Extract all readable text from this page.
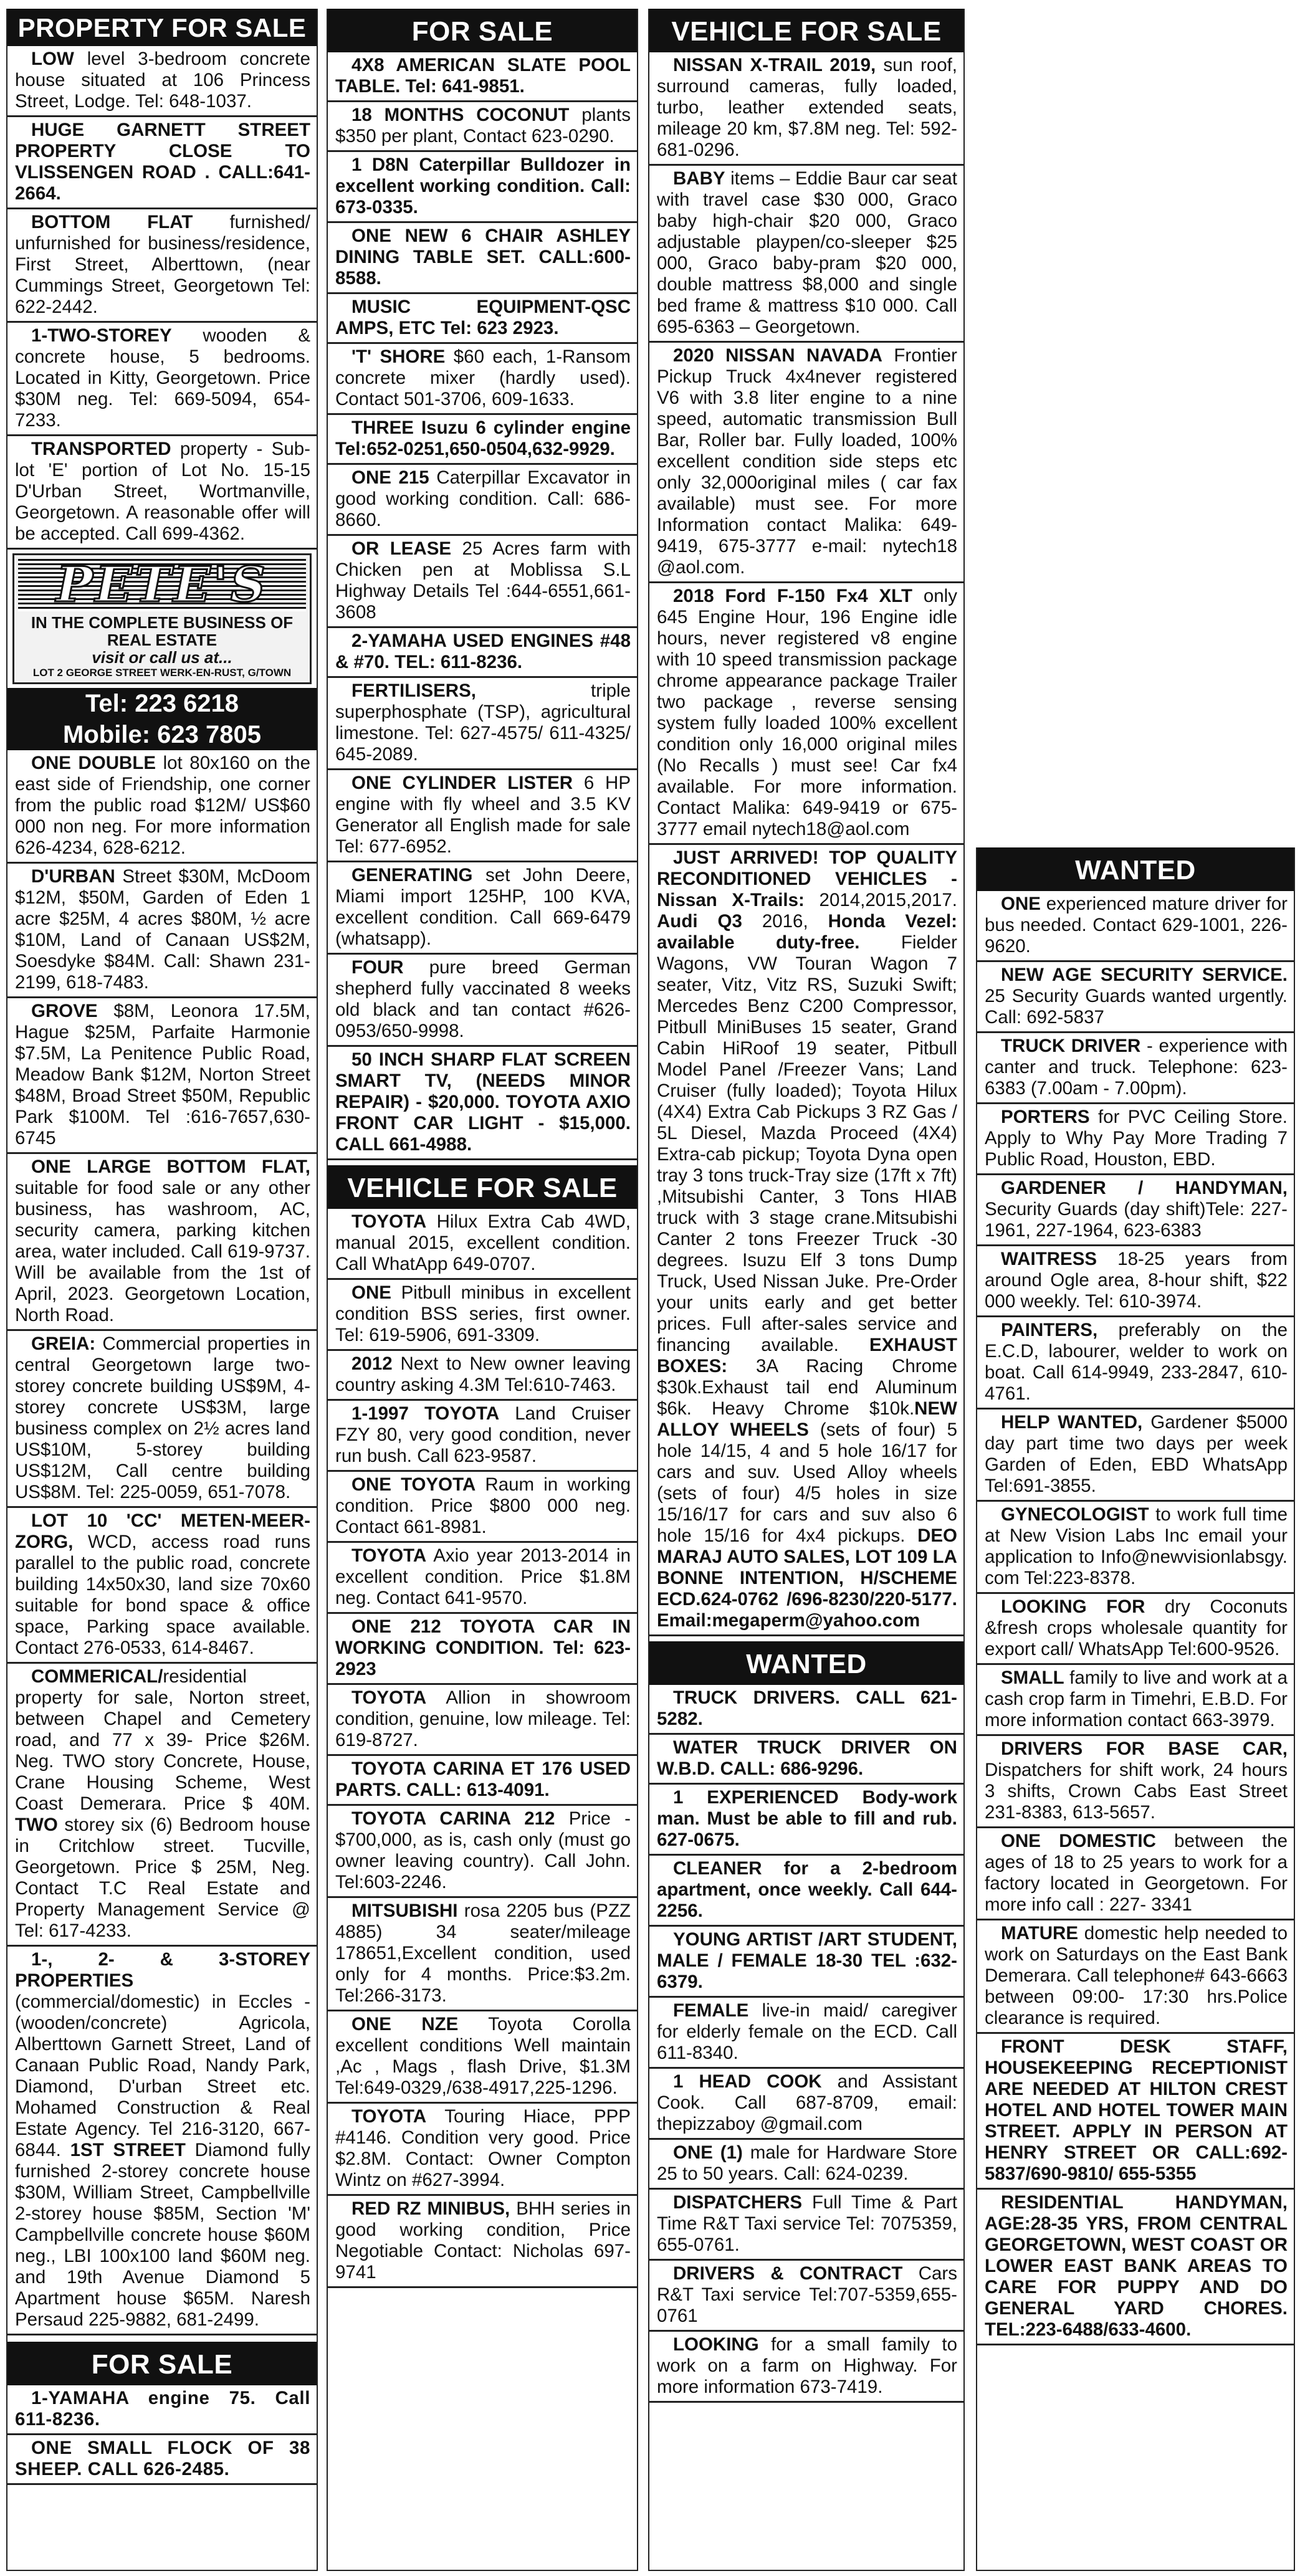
PROPERTY FOR SALE
LOW level 3-bedroom concrete house situated at 106 Princess Street, Lodge. Tel: 648-1037.
HUGE GARNETT STREET PROPERTY CLOSE TO VLISSENGEN ROAD . CALL:641-2664.
BOTTOM FLAT furnished/ unfurnished for business/residence, First Street, Alberttown, (near Cummings Street, Georgetown Tel: 622-2442.
1-TWO-STOREY wooden & concrete house, 5 bedrooms. Located in Kitty, Georgetown. Price $30M neg. Tel: 669-5094, 654-7233.
TRANSPORTED property - Sub-lot 'E' portion of Lot No. 15-15 D'Urban Street, Wortmanville, Georgetown. A reasonable offer will be accepted. Call 699-4362.
PETE'S
IN THE COMPLETE BUSINESS OF REAL ESTATE
visit or call us at...
LOT 2 GEORGE STREET WERK-EN-RUST, G/TOWN
Tel: 223 6218
Mobile: 623 7805
ONE DOUBLE lot 80x160 on the east side of Friendship, one corner from the public road $12M/ US$60 000 non neg. For more information 626-4234, 628-6212.
D'URBAN Street $30M, McDoom $12M, $50M, Garden of Eden 1 acre $25M, 4 acres $80M, ½ acre $10M, Land of Canaan US$2M, Soesdyke $84M. Call: Shawn 231-2199, 618-7483.
GROVE $8M, Leonora 17.5M, Hague $25M, Parfaite Harmonie $7.5M, La Penitence Public Road, Meadow Bank $12M, Norton Street $48M, Broad Street $50M, Republic Park $100M. Tel :616-7657,630-6745
ONE LARGE BOTTOM FLAT, suitable for food sale or any other business, has washroom, AC, security camera, parking kitchen area, water included. Call 619-9737. Will be available from the 1st of April, 2023. Georgetown Location, North Road.
GREIA: Commercial properties in central Georgetown large two-storey concrete building US$9M, 4-storey concrete US$3M, large business complex on 2½ acres land US$10M, 5-storey building US$12M, Call centre building US$8M. Tel: 225-0059, 651-7078.
LOT 10 'CC' METEN-MEER-ZORG, WCD, access road runs parallel to the public road, concrete building 14x50x30, land size 70x60 suitable for bond space & office space, Parking space available. Contact 276-0533, 614-8467.
COMMERICAL/residential property for sale, Norton street, between Chapel and Cemetery road, and 77 x 39- Price $26M. Neg. TWO story Concrete, House, Crane Housing Scheme, West Coast Demerara. Price $ 40M. TWO storey six (6) Bedroom house in Critchlow street. Tucville, Georgetown. Price $ 25M, Neg. Contact T.C Real Estate and Property Management Service @ Tel: 617-4233.
1-, 2- & 3-STOREY PROPERTIES (commercial/domestic) in Eccles - (wooden/concrete) Agricola, Alberttown Garnett Street, Land of Canaan Public Road, Nandy Park, Diamond, D'urban Street etc. Mohamed Construction & Real Estate Agency. Tel 216-3120, 667-6844. 1ST STREET Diamond fully furnished 2-storey concrete house $30M, William Street, Campbellville 2-storey house $85M, Section 'M' Campbellville concrete house $60M neg., LBI 100x100 land $60M neg. and 19th Avenue Diamond 5 Apartment house $65M. Naresh Persaud 225-9882, 681-2499.
FOR SALE
1-YAMAHA engine 75. Call 611-8236.
ONE SMALL FLOCK OF 38 SHEEP. CALL 626-2485.
FOR SALE
4X8 AMERICAN SLATE POOL TABLE. Tel: 641-9851.
18 MONTHS COCONUT plants $350 per plant, Contact 623-0290.
1 D8N Caterpillar Bulldozer in excellent working condition. Call: 673-0335.
ONE NEW 6 CHAIR ASHLEY DINING TABLE SET. CALL:600-8588.
MUSIC EQUIPMENT-QSC AMPS, ETC Tel: 623 2923.
'T' SHORE $60 each, 1-Ransom concrete mixer (hardly used). Contact 501-3706, 609-1633.
THREE Isuzu 6 cylinder engine Tel:652-0251,650-0504,632-9929.
ONE 215 Caterpillar Excavator in good working condition. Call: 686-8660.
OR LEASE 25 Acres farm with Chicken pen at Moblissa S.L Highway Details Tel :644-6551,661-3608
2-YAMAHA USED ENGINES #48 & #70. TEL: 611-8236.
FERTILISERS, triple superphosphate (TSP), agricultural limestone. Tel: 627-4575/ 611-4325/ 645-2089.
ONE CYLINDER LISTER 6 HP engine with fly wheel and 3.5 KV Generator all English made for sale Tel: 677-6952.
GENERATING set John Deere, Miami import 125HP, 100 KVA, excellent condition. Call 669-6479 (whatsapp).
FOUR pure breed German shepherd fully vaccinated 8 weeks old black and tan contact #626-0953/650-9998.
50 INCH SHARP FLAT SCREEN SMART TV, (NEEDS MINOR REPAIR) - $20,000. TOYOTA AXIO FRONT CAR LIGHT - $15,000. CALL 661-4988.
VEHICLE FOR SALE
TOYOTA Hilux Extra Cab 4WD, manual 2015, excellent condition. Call WhatApp 649-0707.
ONE Pitbull minibus in excellent condition BSS series, first owner. Tel: 619-5906, 691-3309.
2012 Next to New owner leaving country asking 4.3M Tel:610-7463.
1-1997 TOYOTA Land Cruiser FZY 80, very good condition, never run bush. Call 623-9587.
ONE TOYOTA Raum in working condition. Price $800 000 neg. Contact 661-8981.
TOYOTA Axio year 2013-2014 in excellent condition. Price $1.8M neg. Contact 641-9570.
ONE 212 TOYOTA CAR IN WORKING CONDITION. Tel: 623-2923
TOYOTA Allion in showroom condition, genuine, low mileage. Tel: 619-8727.
TOYOTA CARINA ET 176 USED PARTS. CALL: 613-4091.
TOYOTA CARINA 212 Price - $700,000, as is, cash only (must go owner leaving country). Call John. Tel:603-2246.
MITSUBISHI rosa 2205 bus (PZZ 4885) 34 seater/mileage 178651,Excellent condition, used only for 4 months. Price:$3.2m. Tel:266-3173.
ONE NZE Toyota Corolla excellent conditions Well maintain ,Ac , Mags , flash Drive, $1.3M Tel:649-0329,/638-4917,225-1296.
TOYOTA Touring Hiace, PPP #4146. Condition very good. Price $2.8M. Contact: Owner Compton Wintz on #627-3994.
RED RZ MINIBUS, BHH series in good working condition, Price Negotiable Contact: Nicholas 697-9741
VEHICLE FOR SALE
NISSAN X-TRAIL 2019, sun roof, surround cameras, fully loaded, turbo, leather extended seats, mileage 20 km, $7.8M neg. Tel: 592-681-0296.
BABY items – Eddie Baur car seat with travel case $30 000, Graco baby high-chair $20 000, Graco adjustable playpen/co-sleeper $25 000, Graco baby-pram $20 000, double mattress $8,000 and single bed frame & mattress $10 000. Call 695-6363 – Georgetown.
2020 NISSAN NAVADA Frontier Pickup Truck 4x4never registered V6 with 3.8 liter engine to a nine speed, automatic transmission Bull Bar, Roller bar. Fully loaded, 100% excellent condition side steps etc only 32,000original miles ( car fax available) must see. For more Information contact Malika: 649-9419, 675-3777 e-mail: nytech18 @aol.com.
2018 Ford F-150 Fx4 XLT only 645 Engine Hour, 196 Engine idle hours, never registered v8 engine with 10 speed transmission package chrome appearance package Trailer two package , reverse sensing system fully loaded 100% excellent condition only 16,000 original miles (No Recalls ) must see! Car fx4 available. For more information. Contact Malika: 649-9419 or 675-3777 email nytech18@aol.com
JUST ARRIVED! TOP QUALITY RECONDITIONED VEHICLES - Nissan X-Trails: 2014,2015,2017. Audi Q3 2016, Honda Vezel: available duty-free. Fielder Wagons, VW Touran Wagon 7 seater, Vitz, Vitz RS, Suzuki Swift; Mercedes Benz C200 Compressor, Pitbull MiniBuses 15 seater, Grand Cabin HiRoof 19 seater, Pitbull Model Panel /Freezer Vans; Land Cruiser (fully loaded); Toyota Hilux (4X4) Extra Cab Pickups 3 RZ Gas / 5L Diesel, Mazda Proceed (4X4) Extra-cab pickup; Toyota Dyna open tray 3 tons truck-Tray size (17ft x 7ft) ,Mitsubishi Canter, 3 Tons HIAB truck with 3 stage crane.Mitsubishi Canter 2 tons Freezer Truck -30 degrees. Isuzu Elf 3 tons Dump Truck, Used Nissan Juke. Pre-Order your units early and get better prices. Full after-sales service and financing available. EXHAUST BOXES: 3A Racing Chrome $30k.Exhaust tail end Aluminum $6k. Heavy Chrome $10k.NEW ALLOY WHEELS (sets of four) 5 hole 14/15, 4 and 5 hole 16/17 for cars and suv. Used Alloy wheels (sets of four) 4/5 holes in size 15/16/17 for cars and suv also 6 hole 15/16 for 4x4 pickups. DEO MARAJ AUTO SALES, LOT 109 LA BONNE INTENTION, H/SCHEME ECD.624-0762 /696-8230/220-5177. Email:megaperm@yahoo.com
WANTED
TRUCK DRIVERS. CALL 621-5282.
WATER TRUCK DRIVER ON W.B.D. CALL: 686-9296.
1 EXPERIENCED Body-work man. Must be able to fill and rub. 627-0675.
CLEANER for a 2-bedroom apartment, once weekly. Call 644-2256.
YOUNG ARTIST /ART STUDENT, MALE / FEMALE 18-30 TEL :632-6379.
FEMALE live-in maid/ caregiver for elderly female on the ECD. Call 611-8340.
1 HEAD COOK and Assistant Cook. Call 687-8709, email: thepizzaboy @gmail.com
ONE (1) male for Hardware Store 25 to 50 years. Call: 624-0239.
DISPATCHERS Full Time & Part Time R&T Taxi service Tel: 7075359, 655-0761.
DRIVERS & CONTRACT Cars R&T Taxi service Tel:707-5359,655-0761
LOOKING for a small family to work on a farm on Highway. For more information 673-7419.
WANTED
ONE experienced mature driver for bus needed. Contact 629-1001, 226-9620.
NEW AGE SECURITY SERVICE. 25 Security Guards wanted urgently. Call: 692-5837
TRUCK DRIVER - experience with canter and truck. Telephone: 623-6383 (7.00am - 7.00pm).
PORTERS for PVC Ceiling Store. Apply to Why Pay More Trading 7 Public Road, Houston, EBD.
GARDENER / HANDYMAN, Security Guards (day shift)Tele: 227-1961, 227-1964, 623-6383
WAITRESS 18-25 years from around Ogle area, 8-hour shift, $22 000 weekly. Tel: 610-3974.
PAINTERS, preferably on the E.C.D, labourer, welder to work on boat. Call 614-9949, 233-2847, 610-4761.
HELP WANTED, Gardener $5000 day part time two days per week Garden of Eden, EBD WhatsApp Tel:691-3855.
GYNECOLOGIST to work full time at New Vision Labs Inc email your application to Info@newvisionlabsgy. com Tel:223-8378.
LOOKING FOR dry Coconuts &fresh crops wholesale quantity for export call/ WhatsApp Tel:600-9526.
SMALL family to live and work at a cash crop farm in Timehri, E.B.D. For more information contact 663-3979.
DRIVERS FOR BASE CAR, Dispatchers for shift work, 24 hours 3 shifts, Crown Cabs East Street 231-8383, 613-5657.
ONE DOMESTIC between the ages of 18 to 25 years to work for a factory located in Georgetown. For more info call : 227- 3341
MATURE domestic help needed to work on Saturdays on the East Bank Demerara. Call telephone# 643-6663 between 09:00- 17:30 hrs.Police clearance is required.
FRONT DESK STAFF, HOUSEKEEPING RECEPTIONIST ARE NEEDED AT HILTON CREST HOTEL AND HOTEL TOWER MAIN STREET. APPLY IN PERSON AT HENRY STREET OR CALL:692-5837/690-9810/ 655-5355
RESIDENTIAL HANDYMAN, AGE:28-35 YRS, FROM CENTRAL GEORGETOWN, WEST COAST OR LOWER EAST BANK AREAS TO CARE FOR PUPPY AND DO GENERAL YARD CHORES. TEL:223-6488/633-4600.
